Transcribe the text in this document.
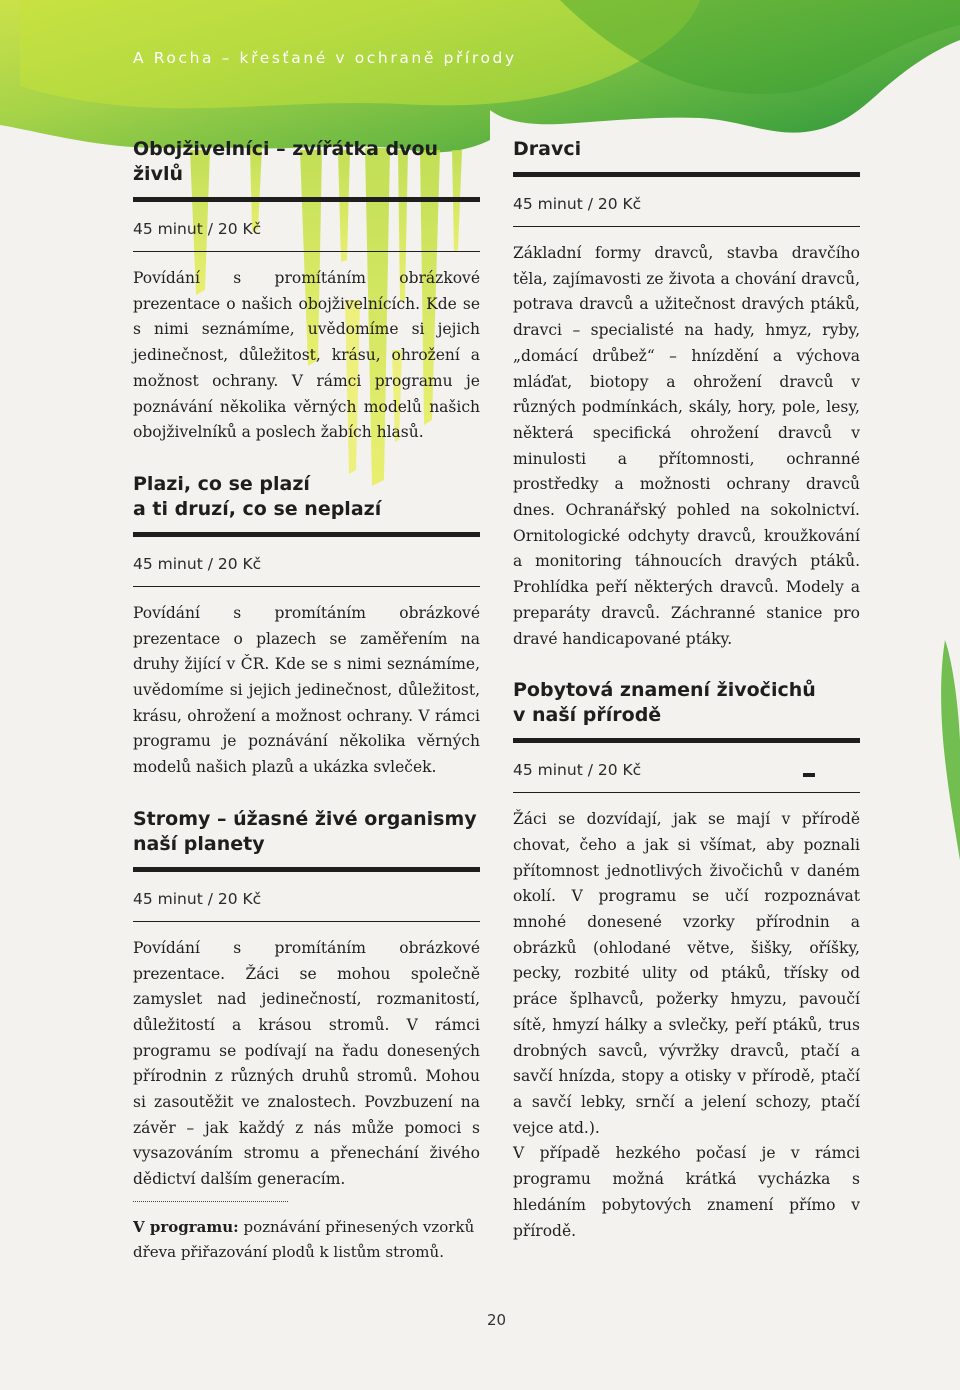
A Rocha – křesťané v ochraně přírody
Obojživelníci – zvířátka dvou živlů
45 minut / 20 Kč
Povídání s promítáním obrázkové prezentace o našich obojživelnících. Kde se s nimi seznámíme, uvědomíme si jejich jedinečnost, důležitost, krásu, ohrožení a možnost ochrany. V rámci programu je poznávání několika věrných modelů našich obojživelníků a poslech žabích hlasů.
Plazi, co se plazí
a ti druzí, co se neplazí
45 minut / 20 Kč
Povídání s promítáním obrázkové prezentace o plazech se zaměřením na druhy žijící v ČR. Kde se s nimi seznámíme, uvědomíme si jejich jedinečnost, důležitost, krásu, ohrožení a možnost ochrany. V rámci programu je poznávání několika věrných modelů našich plazů a ukázka svleček.
Stromy – úžasné živé organismy
naší planety
45 minut / 20 Kč
Povídání s promítáním obrázkové prezentace. Žáci se mohou společně zamyslet nad jedinečností, rozmanitostí, důležitostí a krásou stromů. V rámci programu se podívají na řadu donesených přírodnin z různých druhů stromů. Mohou si zasoutěžit ve znalostech. Povzbuzení na závěr – jak každý z nás může pomoci s vysazováním stromu a přenechání živého dědictví dalším generacím.
V programu: poznávání přinesených vzorků dřeva přiřazování plodů k listům stromů.
Dravci
45 minut / 20 Kč
Základní formy dravců, stavba dravčího těla, zajímavosti ze života a chování dravců, potrava dravců a užitečnost dravých ptáků, dravci – specialisté na hady, hmyz, ryby, „domácí drůbež“ – hnízdění a výchova mláďat, biotopy a ohrožení dravců v různých podmínkách, skály, hory, pole, lesy, některá specifická ohrožení dravců v minulosti a přítomnosti, ochranné prostředky a možnosti ochrany dravců dnes. Ochranářský pohled na sokolnictví. Ornitologické odchyty dravců, kroužkování a monitoring táhnoucích dravých ptáků. Prohlídka peří některých dravců. Modely a preparáty dravců. Záchranné stanice pro dravé handicapované ptáky.
Pobytová znamení živočichů
v naší přírodě
45 minut / 20 Kč
Žáci se dozvídají, jak se mají v přírodě chovat, čeho a jak si všímat, aby poznali přítomnost jednotlivých živočichů v daném okolí. V programu se učí rozpoznávat mnohé donesené vzorky přírodnin a obrázků (ohlodané větve, šišky, oříšky, pecky, rozbité ulity od ptáků, třísky od práce šplhavců, požerky hmyzu, pavoučí sítě, hmyzí hálky a svlečky, peří ptáků, trus drobných savců, vývržky dravců, ptačí a savčí hnízda, stopy a otisky v přírodě, ptačí a savčí lebky, srnčí a jelení schozy, ptačí vejce atd.).
V případě hezkého počasí je v rámci programu možná krátká vycházka s hledáním pobytových znamení přímo v přírodě.
20
